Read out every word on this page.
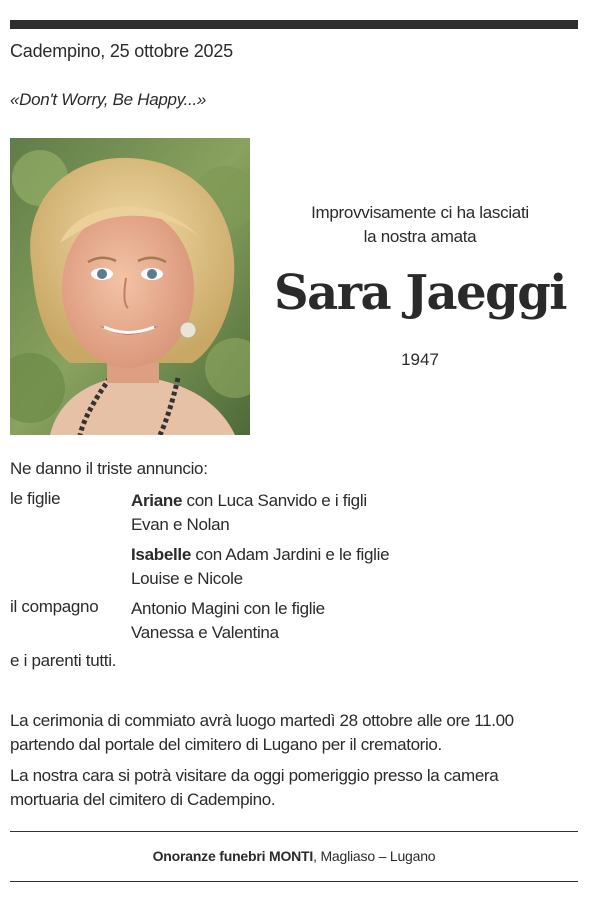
Cadempino, 25 ottobre 2025
«Don't Worry, Be Happy...»
Improvvisamente ci ha lasciati
la nostra amata
Sara Jaeggi
1947
Ne danno il triste annuncio:
le figlie	Ariane con Luca Sanvido e i figli
Evan e Nolan
Isabelle con Adam Jardini e le figlie
Louise e Nicole
il compagno Antonio Magini con le figlie
Vanessa e Valentina
e i parenti tutti.
La cerimonia di commiato avrà luogo martedì 28 ottobre alle ore 11.00
partendo dal portale del cimitero di Lugano per il crematorio.
La nostra cara si potrà visitare da oggi pomeriggio presso la camera
mortuaria del cimitero di Cadempino.
Onoranze funebri MONTI, Magliaso – Lugano
